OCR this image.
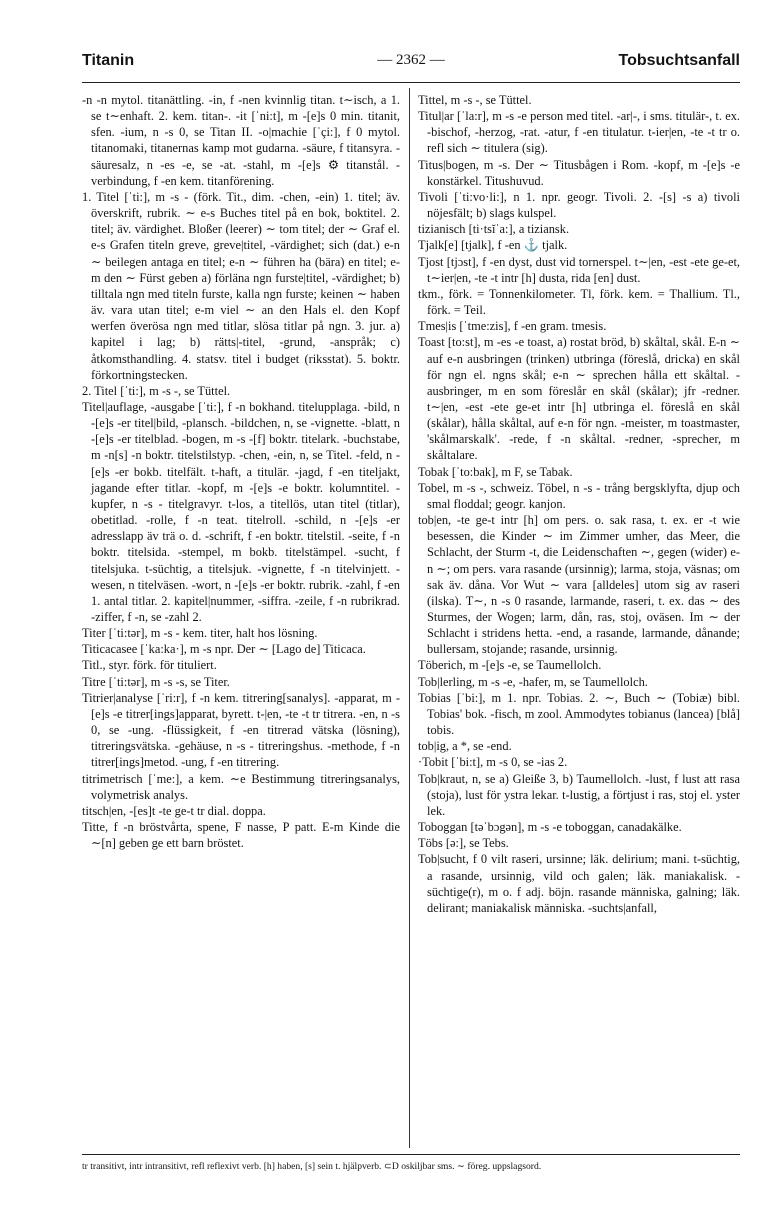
Titanin	— 2362 —	Tobsuchtsanfall

-n -n mytol. titanättling. -in, f -nen kvinnlig titan. t∼isch, a 1. se t∼enhaft. 2. kem. titan-. -it [ˈni:t], m -[e]s 0 min. titanit, sfen. -ium, n -s 0, se Titan II. -o|machie [ˈçi:], f 0 mytol. titanomaki, titanernas kamp mot gudarna. -säure, f titansyra. -säuresalz, n -es -e, se -at. -stahl, m -[e]s ⚙ titanstål. -verbindung, f -en kem. titanförening.

1. Titel [ˈti:], m -s - (förk. Tit., dim. -chen, -ein) 1. titel; äv. överskrift, rubrik. ∼ e-s Buches titel på en bok, boktitel. 2. titel; äv. värdighet. Bloßer (leerer) ∼ tom titel; der ∼ Graf el. e-s Grafen titeln greve, greve|titel, -värdighet; sich (dat.) e-n ∼ beilegen antaga en titel; e-n ∼ führen ha (bära) en titel; e-m den ∼ Fürst geben a) förläna ngn furste|titel, -värdighet; b) tilltala ngn med titeln furste, kalla ngn furste; keinen ∼ haben äv. vara utan titel; e-m viel ∼ an den Hals el. den Kopf werfen överösa ngn med titlar, slösa titlar på ngn. 3. jur. a) kapitel i lag; b) rätts|-titel, -grund, -anspråk; c) åtkomsthandling. 4. statsv. titel i budget (riksstat). 5. boktr. förkortningstecken.

2. Titel [ˈti:], m -s -, se Tüttel.

Titel|auflage, -ausgabe [ˈti:], f -n bokhand. titelupplaga. -bild, n -[e]s -er titel|bild, -plansch. -bildchen, n, se -vignette. -blatt, n -[e]s -er titelblad. -bogen, m -s -[f] boktr. titelark. -buchstabe, m -n[s] -n boktr. titelstilstyp. -chen, -ein, n, se Titel. -feld, n -[e]s -er bokb. titelfält. t-haft, a titulär. -jagd, f -en titeljakt, jagande efter titlar. -kopf, m -[e]s -e boktr. kolumntitel. -kupfer, n -s - titelgravyr. t-los, a titellös, utan titel (titlar), obetitlad. -rolle, f -n teat. titelroll. -schild, n -[e]s -er adresslapp äv trä o. d. -schrift, f -en boktr. titelstil. -seite, f -n boktr. titelsida. -stempel, m bokb. titelstämpel. -sucht, f titelsjuka. t-süchtig, a titelsjuk. -vignette, f -n titelvinjett. -wesen, n titelväsen. -wort, n -[e]s -er boktr. rubrik. -zahl, f -en 1. antal titlar. 2. kapitel|nummer, -siffra. -zeile, f -n rubrikrad. -ziffer, f -n, se -zahl 2.

Titer [ˈti:tər], m -s - kem. titer, halt hos lösning.

Titicacasee [ˈka:ka·], m -s npr. Der ∼ [Lago de] Titicaca.

Titl., styr. förk. för tituliert.

Titre [ˈti:tər], m -s -s, se Titer.

Titrier|analyse [ˈri:r], f -n kem. titrering[sanalys]. -apparat, m -[e]s -e titrer[ings]apparat, byrett. t-|en, -te -t tr titrera. -en, n -s 0, se -ung. -flüssigkeit, f -en titrerad vätska (lösning), titreringsvätska. -gehäuse, n -s - titreringshus. -methode, f -n titrer[ings]metod. -ung, f -en titrering.

titrimetrisch [ˈme:], a kem. ∼e Bestimmung titreringsanalys, volymetrisk analys.

titsch|en, -[es]t -te ge-t tr dial. doppa.

Titte, f -n bröstvårta, spene, F nasse, P patt. E-m Kinde die ∼[n] geben ge ett barn bröstet.

Tittel, m -s -, se Tüttel.

Titul|ar [ˈla:r], m -s -e person med titel. -ar|-, i sms. titulär-, t. ex. -bischof, -herzog, -rat. -atur, f -en titulatur. t-ier|en, -te -t tr o. refl sich ∼ titulera (sig).

Titus|bogen, m -s. Der ∼ Titusbågen i Rom. -kopf, m -[e]s -e konstärkel. Titushuvud.

Tivoli [ˈti:vo·li:], n 1. npr. geogr. Tivoli. 2. -[s] -s a) tivoli nöjesfält; b) slags kulspel.

tizianisch [ti·tsĭˈa:], a tiziansk.

Tjalk[e] [tjalk], f -en ⚓ tjalk.

Tjost [tjɔst], f -en dyst, dust vid tornerspel. t∼|en, -est -ete ge-et, t∼ier|en, -te -t intr [h] dusta, rida [en] dust.

tkm., förk. = Tonnenkilometer. Tl, förk. kem. = Thallium. Tl., förk. = Teil.

Tmes|is [ˈtme:zis], f -en gram. tmesis.

Toast [to:st], m -es -e toast, a) rostat bröd, b) skåltal, skål. E-n ∼ auf e-n ausbringen (trinken) utbringa (föreslå, dricka) en skål för ngn el. ngns skål; e-n ∼ sprechen hålla ett skåltal. -ausbringer, m en som föreslår en skål (skålar); jfr -redner. t∼|en, -est -ete ge-et intr [h] utbringa el. föreslå en skål (skålar), hålla skåltal, auf e-n för ngn. -meister, m toastmaster, 'skålmarskalk'. -rede, f -n skåltal. -redner, -sprecher, m skåltalare.

Tobak [ˈto:bak], m F, se Tabak.

Tobel, m -s -, schweiz. Töbel, n -s - trång bergsklyfta, djup och smal floddal; geogr. kanjon.

tob|en, -te ge-t intr [h] om pers. o. sak rasa, t. ex. er -t wie besessen, die Kinder ∼ im Zimmer umher, das Meer, die Schlacht, der Sturm -t, die Leidenschaften ∼, gegen (wider) e-n ∼; om pers. vara rasande (ursinnig); larma, stoja, väsnas; om sak äv. dåna. Vor Wut ∼ vara [alldeles] utom sig av raseri (ilska). T∼, n -s 0 rasande, larmande, raseri, t. ex. das ∼ des Sturmes, der Wogen; larm, dån, ras, stoj, oväsen. Im ∼ der Schlacht i stridens hetta. -end, a rasande, larmande, dånande; bullersam, stojande; rasande, ursinnig.

Töberich, m -[e]s -e, se Taumellolch.

Tob|lerling, m -s -e, -hafer, m, se Taumellolch.

Tobias [ˈbi:], m 1. npr. Tobias. 2. ∼, Buch ∼ (Tobiæ) bibl. Tobias' bok. -fisch, m zool. Ammodytes tobianus (lancea) [blå] tobis.

tob|ig, a *, se -end.

·Tobit [ˈbi:t], m -s 0, se -ias 2.

Tob|kraut, n, se a) Gleiße 3, b) Taumellolch. -lust, f lust att rasa (stoja), lust för ystra lekar. t-lustig, a förtjust i ras, stoj el. yster lek.

Toboggan [təˈbɔgən], m -s -e toboggan, canadakälke.

Töbs [ə:], se Tebs.

Tob|sucht, f 0 vilt raseri, ursinne; läk. delirium; mani. t-süchtig, a rasande, ursinnig, vild och galen; läk. maniakalisk. -süchtige(r), m o. f adj. böjn. rasande människa, galning; läk. delirant; maniakalisk människa. -suchts|anfall,

tr transitivt, intr intransitivt, refl reflexivt verb. [h] haben, [s] sein t. hjälpverb. ⊂D oskiljbar sms. ∼ föreg. uppslagsord.
